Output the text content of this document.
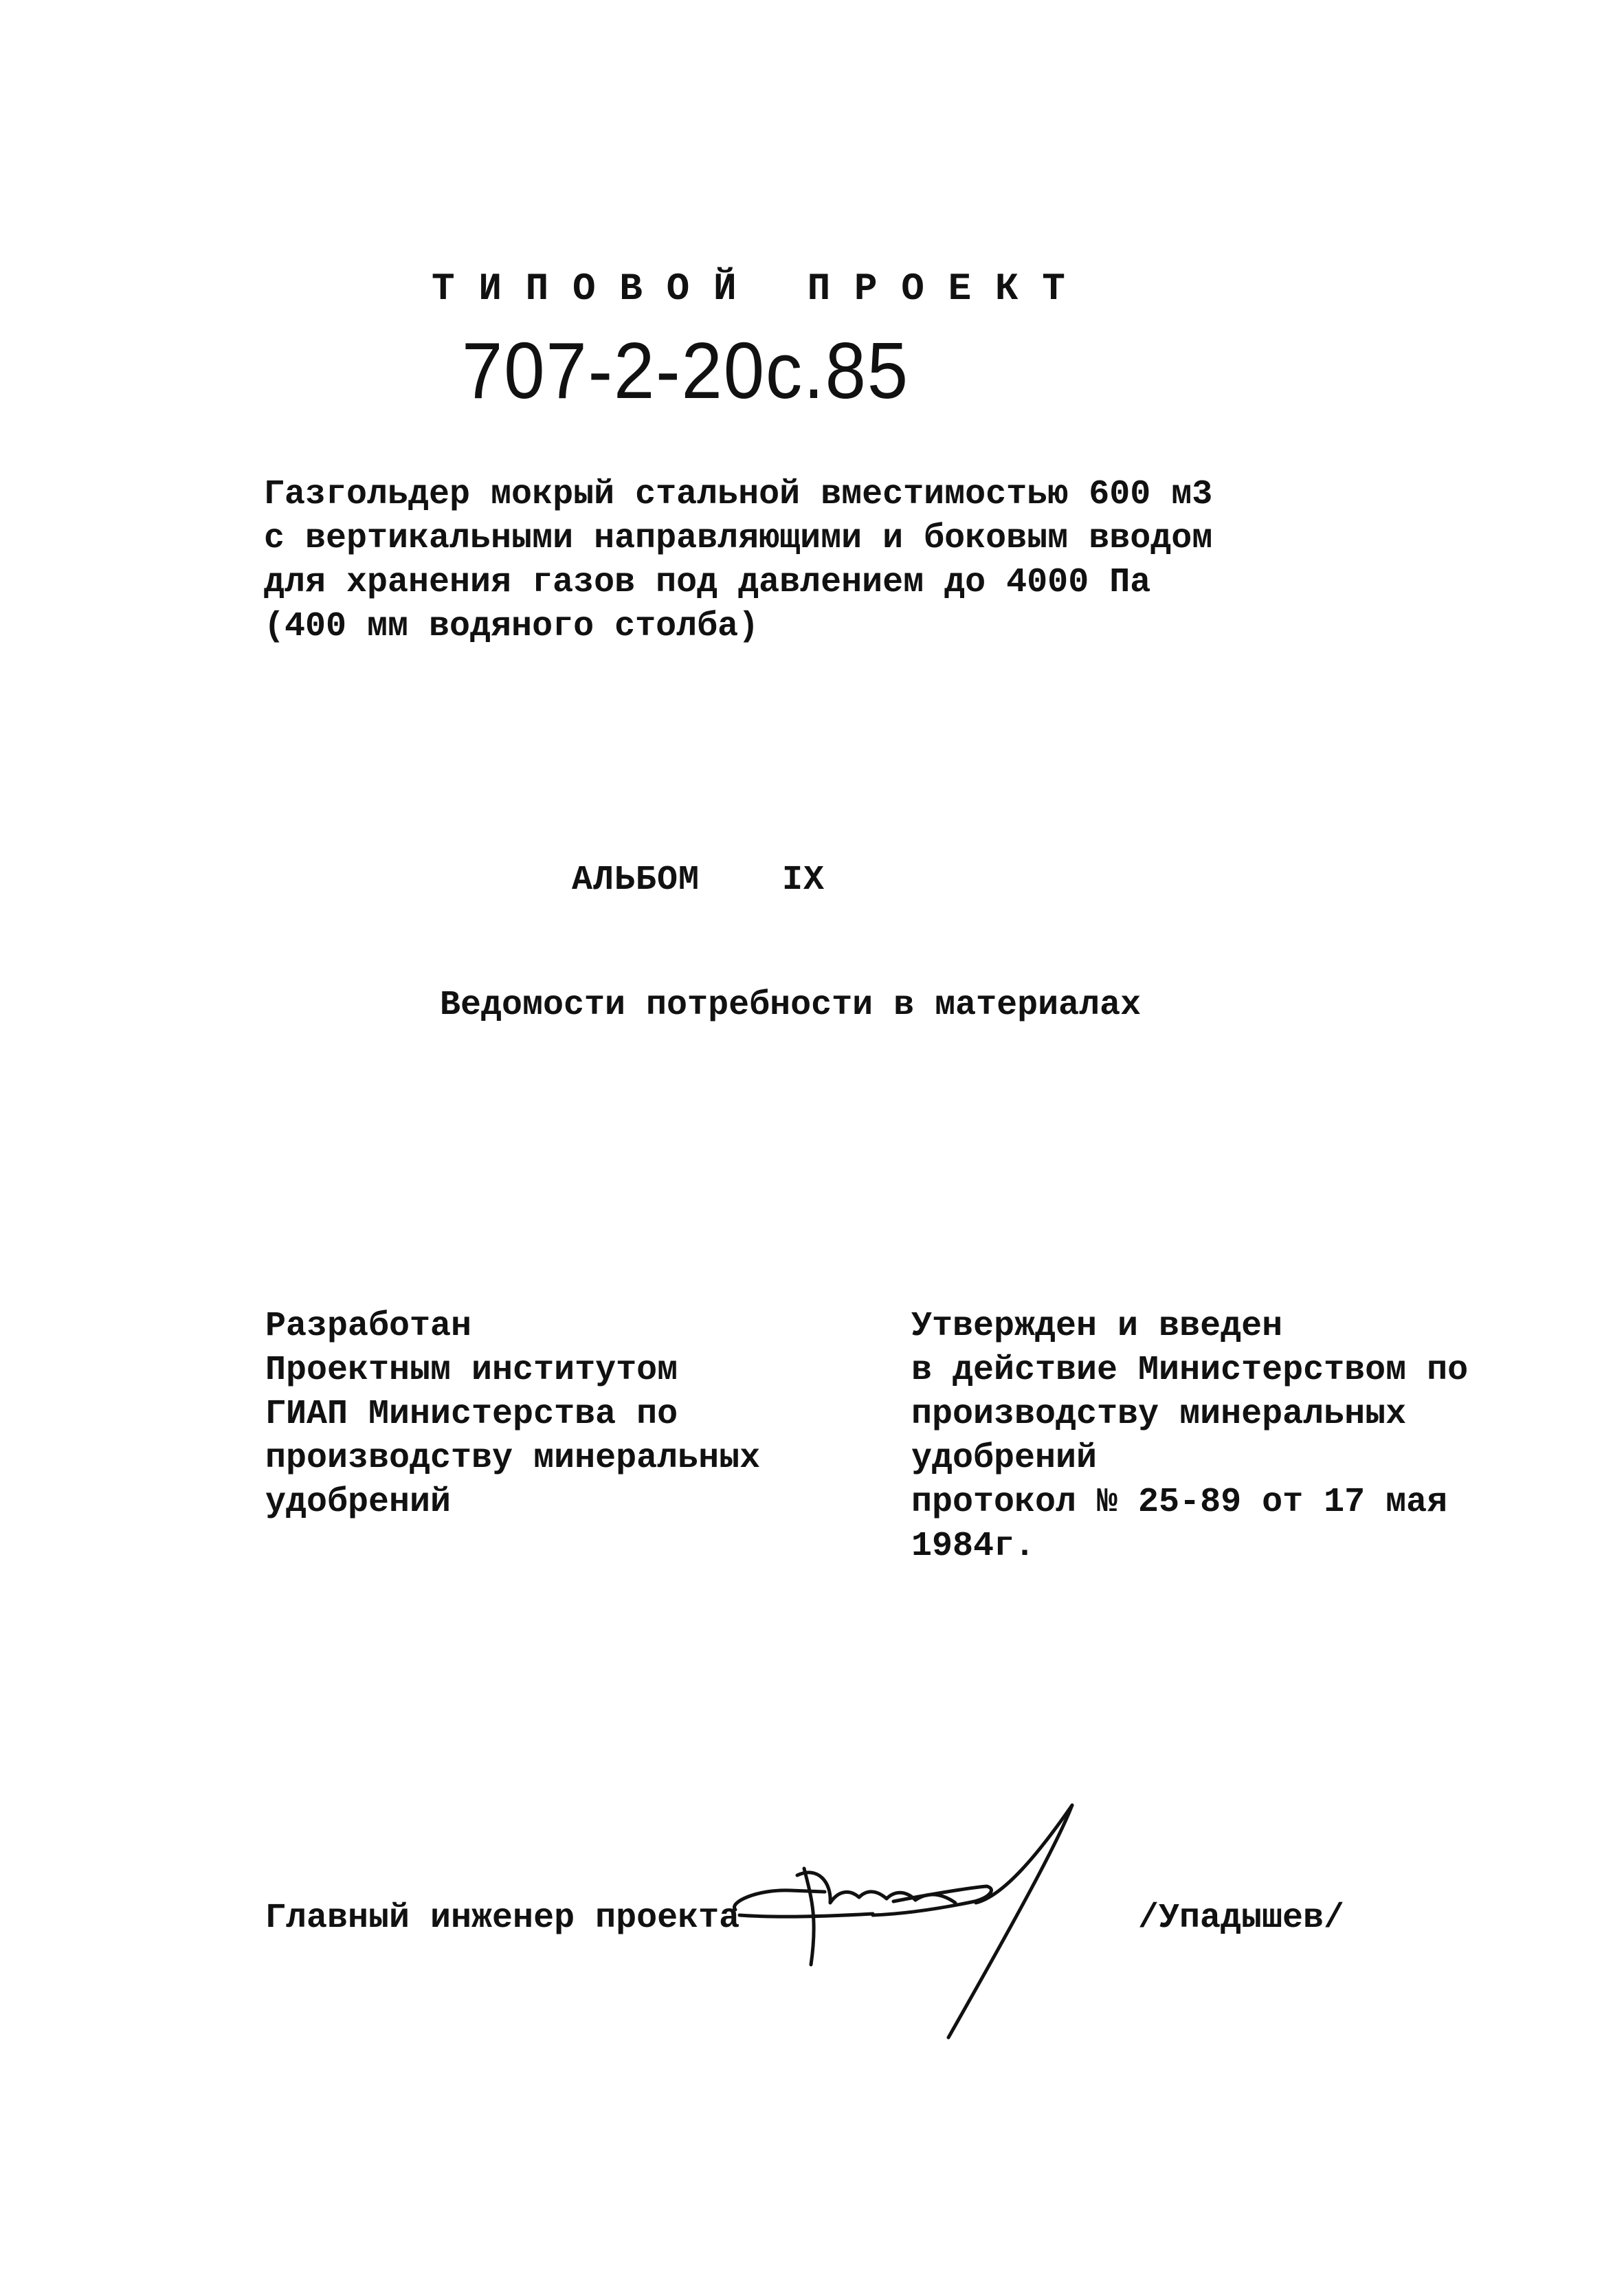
ТИПОВОЙ ПРОЕКТ
707-2-20с.85
Газгольдер мокрый стальной вместимостью 600 м3
с вертикальными направляющими и боковым вводом
для хранения газов под давлением до 4000 Па
(400 мм водяного столба)
АЛЬБОМ IX
Ведомости потребности в материалах
Разработан
Проектным институтом
ГИАП Министерства по
производству минеральных
удобрений
Утвержден и введен
в действие Министерством по
производству минеральных
удобрений
протокол № 25-89 от 17 мая
1984г.
Главный инженер проекта	/Упадышев/
